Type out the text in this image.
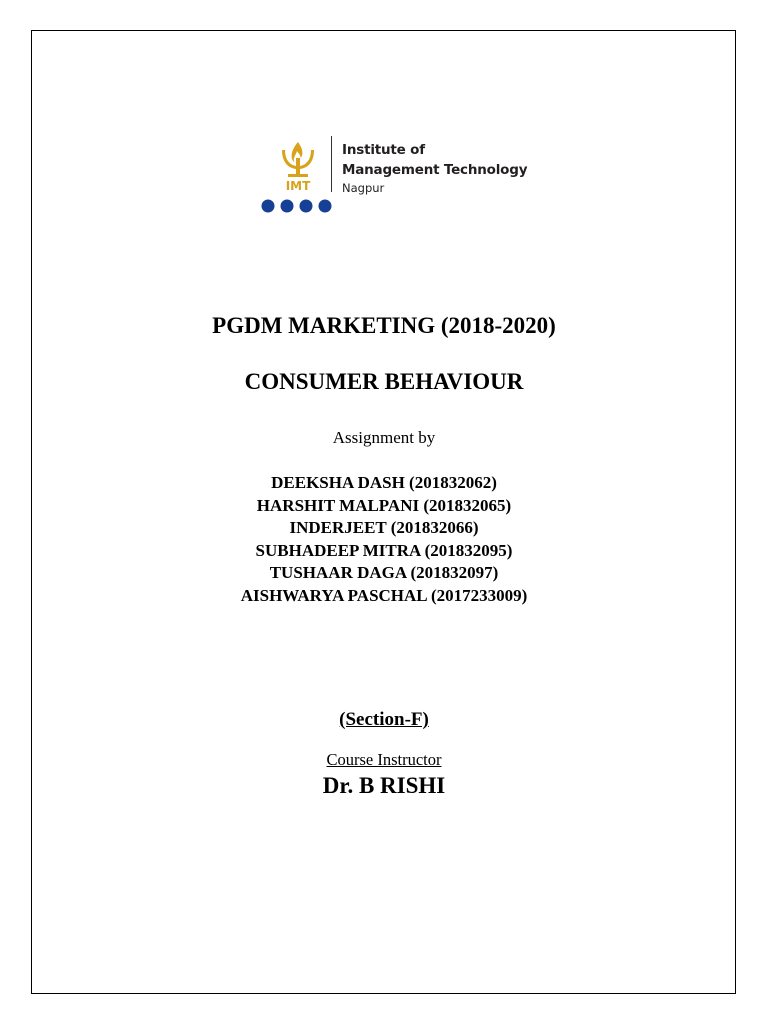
IMT
Institute of
Management Technology
Nagpur
PGDM MARKETING (2018-2020)
CONSUMER BEHAVIOUR
Assignment by
DEEKSHA DASH (201832062)
HARSHIT MALPANI (201832065)
INDERJEET (201832066)
SUBHADEEP MITRA (201832095)
TUSHAAR DAGA (201832097)
AISHWARYA PASCHAL (2017233009)
(Section-F)
Course Instructor
Dr. B RISHI
